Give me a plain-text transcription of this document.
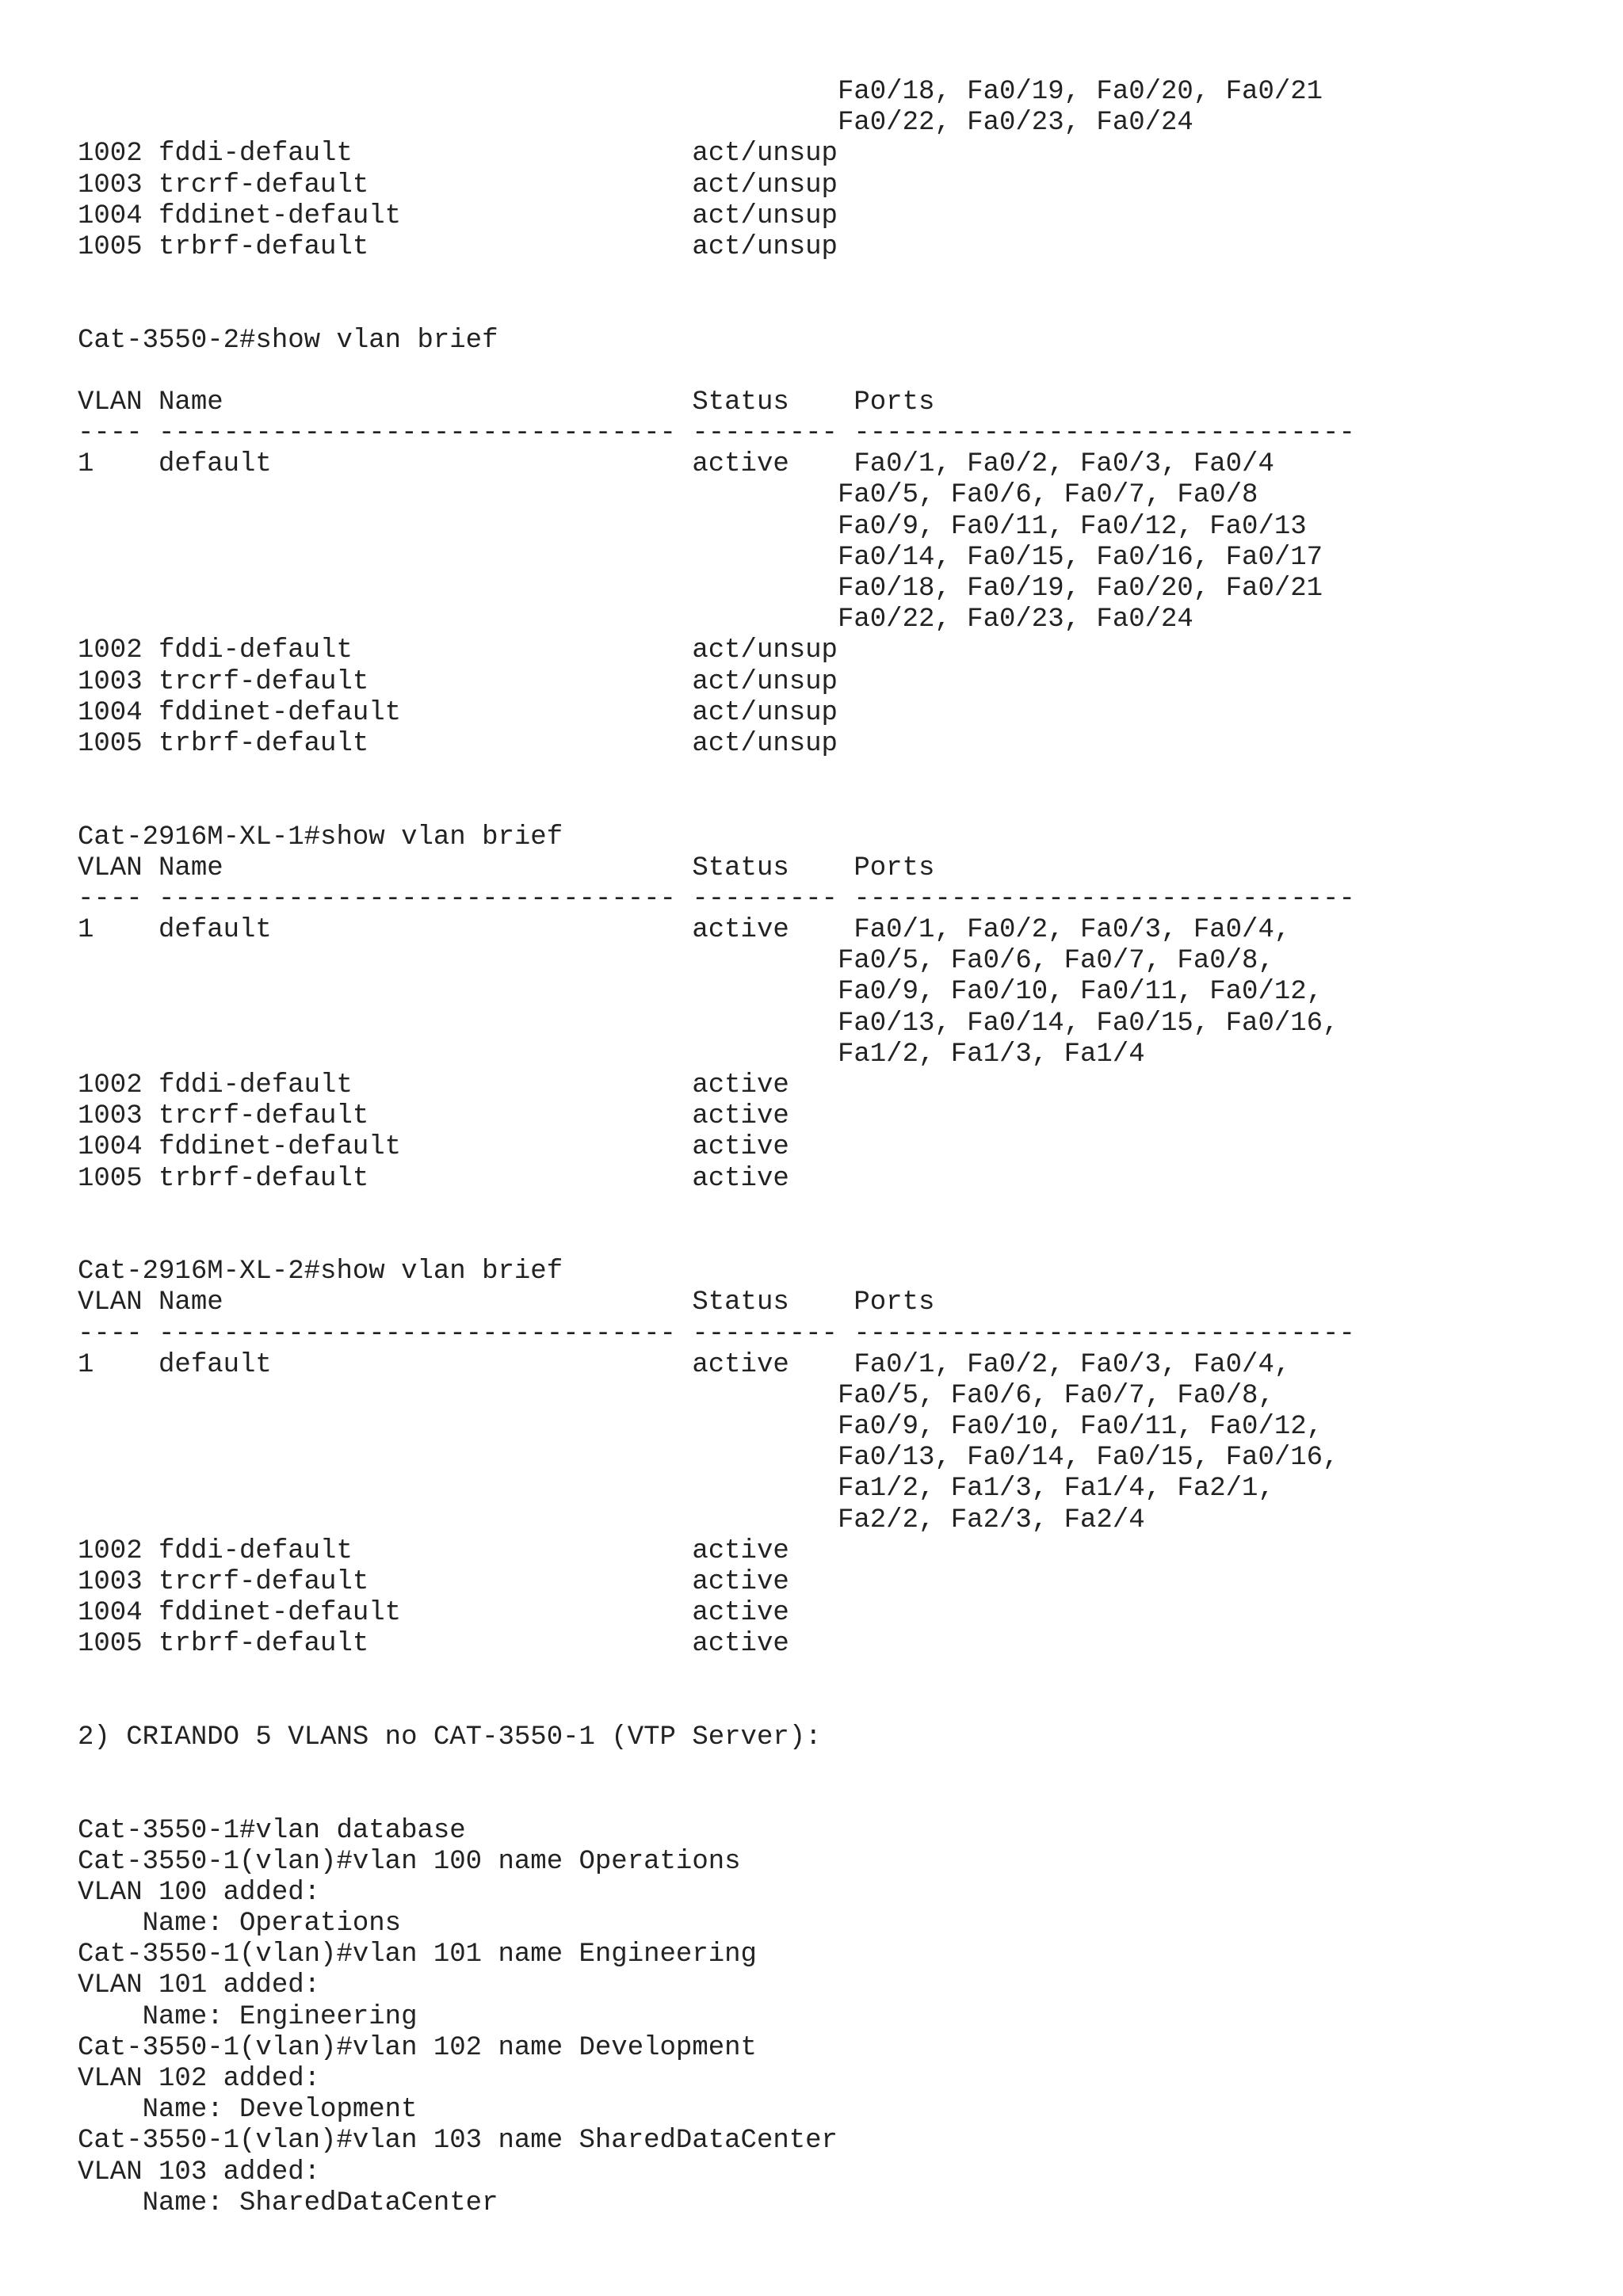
Fa0/18, Fa0/19, Fa0/20, Fa0/21
Fa0/22, Fa0/23, Fa0/24
1002 fddi-default                     act/unsup
1003 trcrf-default                    act/unsup
1004 fddinet-default                  act/unsup
1005 trbrf-default                    act/unsup
Cat-3550-2#show vlan brief
VLAN Name                             Status    Ports
---- -------------------------------- --------- -------------------------------
1    default                          active    Fa0/1, Fa0/2, Fa0/3, Fa0/4
Fa0/5, Fa0/6, Fa0/7, Fa0/8
Fa0/9, Fa0/11, Fa0/12, Fa0/13
Fa0/14, Fa0/15, Fa0/16, Fa0/17
Fa0/18, Fa0/19, Fa0/20, Fa0/21
Fa0/22, Fa0/23, Fa0/24
1002 fddi-default                     act/unsup
1003 trcrf-default                    act/unsup
1004 fddinet-default                  act/unsup
1005 trbrf-default                    act/unsup
Cat-2916M-XL-1#show vlan brief
VLAN Name                             Status    Ports
---- -------------------------------- --------- -------------------------------
1    default                          active    Fa0/1, Fa0/2, Fa0/3, Fa0/4,
Fa0/5, Fa0/6, Fa0/7, Fa0/8,
Fa0/9, Fa0/10, Fa0/11, Fa0/12,
Fa0/13, Fa0/14, Fa0/15, Fa0/16,
Fa1/2, Fa1/3, Fa1/4
1002 fddi-default                     active
1003 trcrf-default                    active
1004 fddinet-default                  active
1005 trbrf-default                    active
Cat-2916M-XL-2#show vlan brief
VLAN Name                             Status    Ports
---- -------------------------------- --------- -------------------------------
1    default                          active    Fa0/1, Fa0/2, Fa0/3, Fa0/4,
Fa0/5, Fa0/6, Fa0/7, Fa0/8,
Fa0/9, Fa0/10, Fa0/11, Fa0/12,
Fa0/13, Fa0/14, Fa0/15, Fa0/16,
Fa1/2, Fa1/3, Fa1/4, Fa2/1,
Fa2/2, Fa2/3, Fa2/4
1002 fddi-default                     active
1003 trcrf-default                    active
1004 fddinet-default                  active
1005 trbrf-default                    active
2) CRIANDO 5 VLANS no CAT-3550-1 (VTP Server):
Cat-3550-1#vlan database
Cat-3550-1(vlan)#vlan 100 name Operations
VLAN 100 added:
Name: Operations
Cat-3550-1(vlan)#vlan 101 name Engineering
VLAN 101 added:
Name: Engineering
Cat-3550-1(vlan)#vlan 102 name Development
VLAN 102 added:
Name: Development
Cat-3550-1(vlan)#vlan 103 name SharedDataCenter
VLAN 103 added:
Name: SharedDataCenter
